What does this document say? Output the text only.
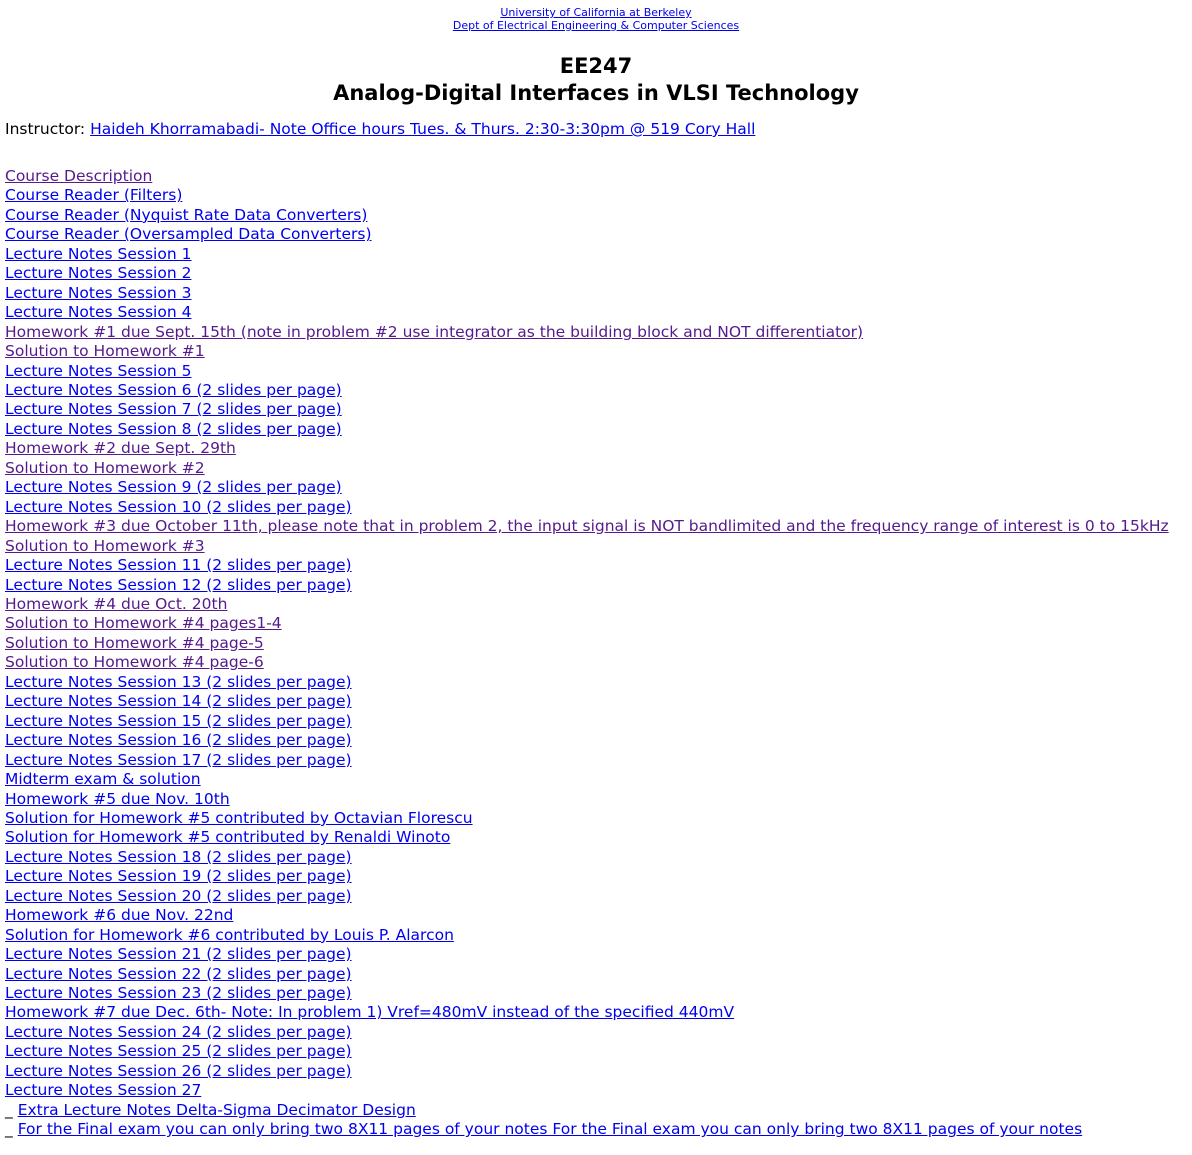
University of California at Berkeley
Dept of Electrical Engineering & Computer Sciences
EE247
Analog-Digital Interfaces in VLSI Technology
Instructor: Haideh Khorramabadi- Note Office hours Tues. & Thurs. 2:30-3:30pm @ 519 Cory Hall
Course Description
Course Reader (Filters)
Course Reader (Nyquist Rate Data Converters)
Course Reader (Oversampled Data Converters)
Lecture Notes Session 1
Lecture Notes Session 2
Lecture Notes Session 3
Lecture Notes Session 4
Homework #1 due Sept. 15th (note in problem #2 use integrator as the building block and NOT differentiator)
Solution to Homework #1
Lecture Notes Session 5
Lecture Notes Session 6 (2 slides per page)
Lecture Notes Session 7 (2 slides per page)
Lecture Notes Session 8 (2 slides per page)
Homework #2 due Sept. 29th
Solution to Homework #2
Lecture Notes Session 9 (2 slides per page)
Lecture Notes Session 10 (2 slides per page)
Homework #3 due October 11th, please note that in problem 2, the input signal is NOT bandlimited and the frequency range of interest is 0 to 15kHz
Solution to Homework #3
Lecture Notes Session 11 (2 slides per page)
Lecture Notes Session 12 (2 slides per page)
Homework #4 due Oct. 20th
Solution to Homework #4 pages1-4
Solution to Homework #4 page-5
Solution to Homework #4 page-6
Lecture Notes Session 13 (2 slides per page)
Lecture Notes Session 14 (2 slides per page)
Lecture Notes Session 15 (2 slides per page)
Lecture Notes Session 16 (2 slides per page)
Lecture Notes Session 17 (2 slides per page)
Midterm exam & solution
Homework #5 due Nov. 10th
Solution for Homework #5 contributed by Octavian Florescu
Solution for Homework #5 contributed by Renaldi Winoto
Lecture Notes Session 18 (2 slides per page)
Lecture Notes Session 19 (2 slides per page)
Lecture Notes Session 20 (2 slides per page)
Homework #6 due Nov. 22nd
Solution for Homework #6 contributed by Louis P. Alarcon
Lecture Notes Session 21 (2 slides per page)
Lecture Notes Session 22 (2 slides per page)
Lecture Notes Session 23 (2 slides per page)
Homework #7 due Dec. 6th- Note: In problem 1) Vref=480mV instead of the specified 440mV
Lecture Notes Session 24 (2 slides per page)
Lecture Notes Session 25 (2 slides per page)
Lecture Notes Session 26 (2 slides per page)
Lecture Notes Session 27
_ Extra Lecture Notes Delta-Sigma Decimator Design
_ For the Final exam you can only bring two 8X11 pages of your notes For the Final exam you can only bring two 8X11 pages of your notes
